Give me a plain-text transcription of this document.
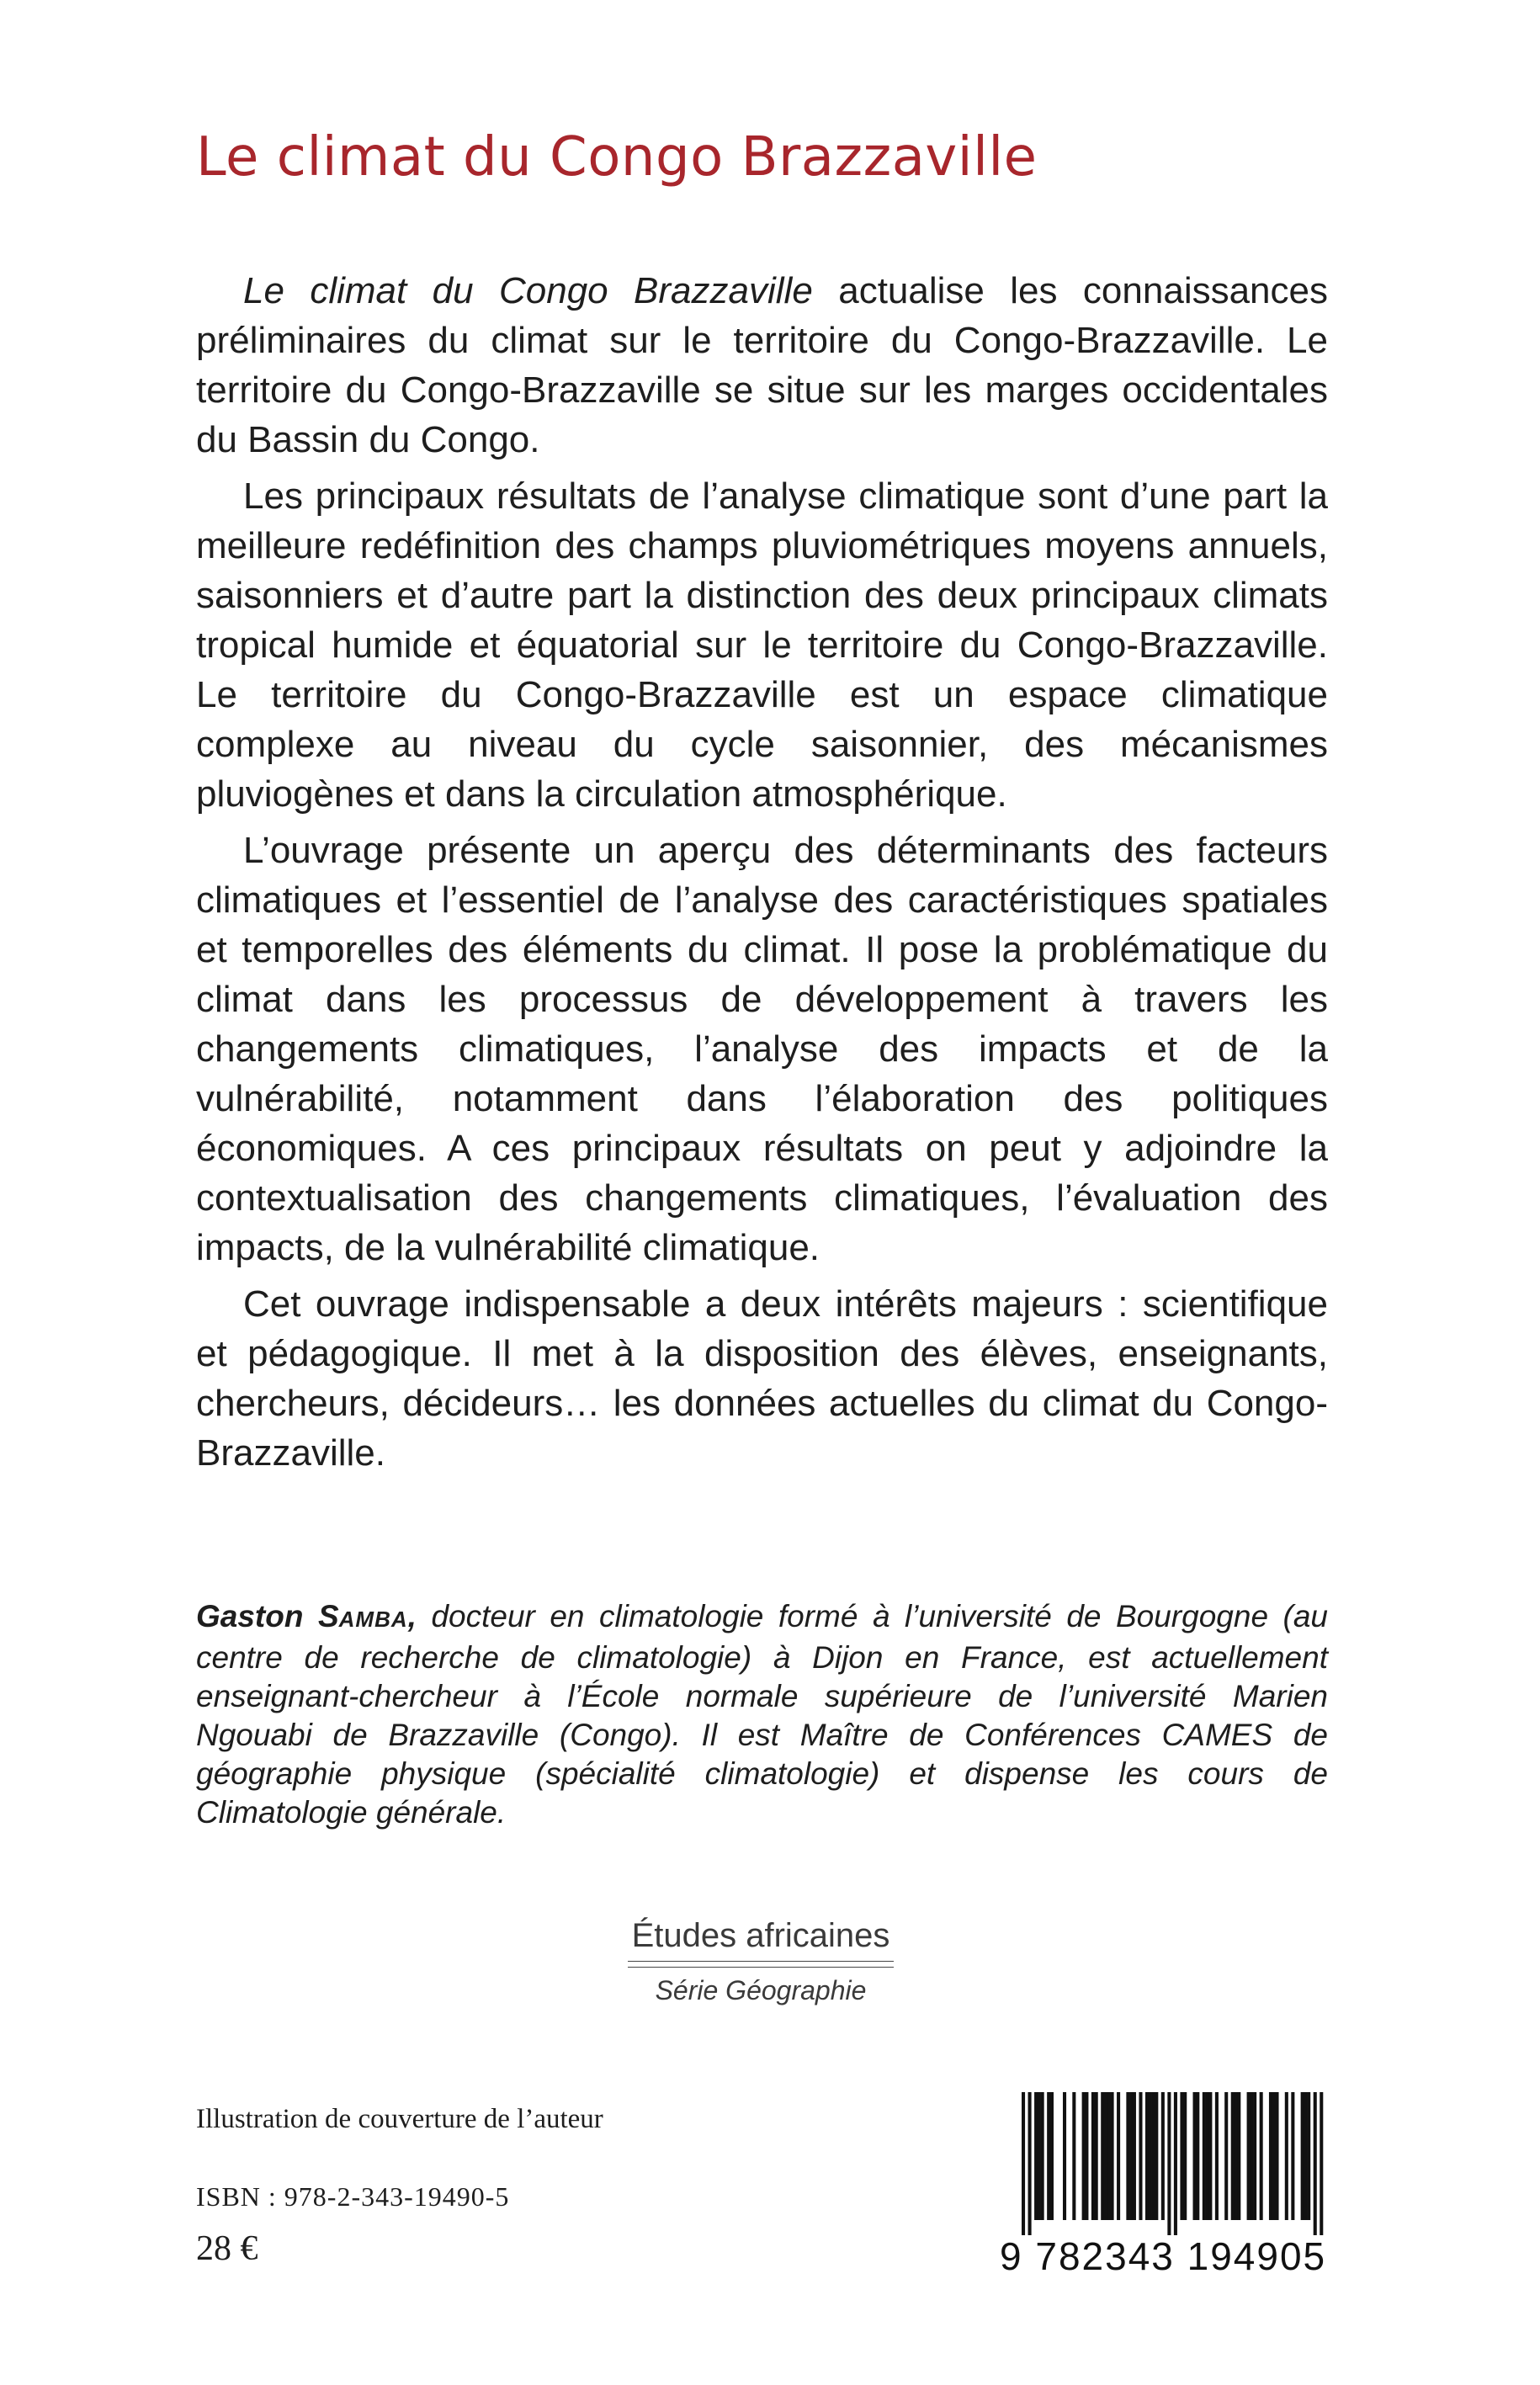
Le climat du Congo Brazzaville

Le climat du Congo Brazzaville actualise les connaissances préliminaires du climat sur le territoire du Congo-Brazzaville. Le territoire du Congo-Brazzaville se situe sur les marges occidentales du Bassin du Congo.

Les principaux résultats de l’analyse climatique sont d’une part la meilleure redéfinition des champs pluviométriques moyens annuels, saisonniers et d’autre part la distinction des deux principaux climats tropical humide et équatorial sur le territoire du Congo-Brazzaville. Le territoire du Congo-Brazzaville est un espace climatique complexe au niveau du cycle saisonnier, des mécanismes pluviogènes et dans la circulation atmosphérique.

L’ouvrage présente un aperçu des déterminants des facteurs climatiques et l’essentiel de l’analyse des caractéristiques spatiales et temporelles des éléments du climat. Il pose la problématique du climat dans les processus de développement à travers les changements climatiques, l’analyse des impacts et de la vulnérabilité, notamment dans l’élaboration des politiques économiques. A ces principaux résultats on peut y adjoindre la contextualisation des changements climatiques, l’évaluation des impacts, de la vulnérabilité climatique.

Cet ouvrage indispensable a deux intérêts majeurs : scientifique et pédagogique. Il met à la disposition des élèves, enseignants, chercheurs, décideurs… les données actuelles du climat du Congo-Brazzaville.

Gaston SAMBA, docteur en climatologie formé à l’université de Bourgogne (au centre de recherche de climatologie) à Dijon en France, est actuellement enseignant-chercheur à l’École normale supérieure de l’université Marien Ngouabi de Brazzaville (Congo). Il est Maître de Conférences CAMES de géographie physique (spécialité climatologie) et dispense les cours de Climatologie générale.

Études africaines
Série Géographie
Illustration de couverture de l’auteur
ISBN : 978-2-343-19490-5
28 €	9 782343 194905
